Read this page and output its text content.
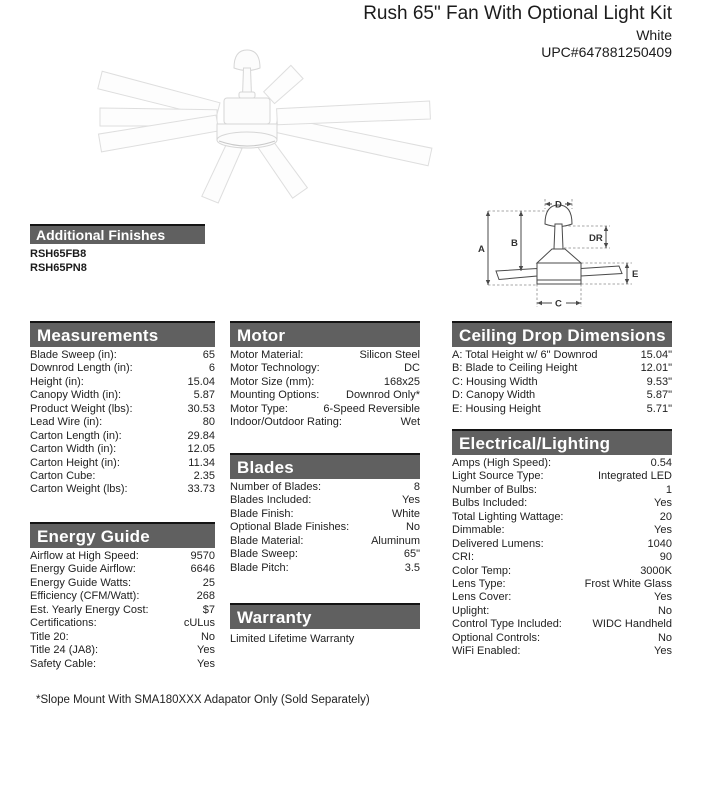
Rush 65" Fan With Optional Light Kit
White
UPC#647881250409
A
B
D
DR
E
C
Additional Finishes
RSH65FB8
RSH65PN8
Measurements
Blade Sweep (in):	65
Downrod Length (in):	6
Height (in):	15.04
Canopy Width (in):	5.87
Product Weight (lbs):	30.53
Lead Wire (in):	80
Carton Length (in):	29.84
Carton Width (in):	12.05
Carton Height (in):	11.34
Carton Cube:	2.35
Carton Weight (lbs):	33.73
Energy Guide
Airflow at High Speed:	9570
Energy Guide Airflow:	6646
Energy Guide Watts:	25
Efficiency (CFM/Watt):	268
Est. Yearly Energy Cost:	$7
Certifications:	cULus
Title 20:	No
Title 24 (JA8):	Yes
Safety Cable:	Yes
Motor
Motor Material:	Silicon Steel
Motor Technology:	DC
Motor Size (mm):	168x25
Mounting Options: Downrod Only*
Motor Type:	6-Speed Reversible
Indoor/Outdoor Rating:	Wet
Blades
Number of Blades:	8
Blades Included:	Yes
Blade Finish:	White
Optional Blade Finishes:	No
Blade Material:	Aluminum
Blade Sweep:	65"
Blade Pitch:	3.5
Warranty
Limited Lifetime Warranty
Ceiling Drop Dimensions
A: Total Height w/ 6" Downrod	15.04"
B: Blade to Ceiling Height	12.01"
C: Housing Width	9.53"
D: Canopy Width	5.87"
E: Housing Height	5.71"
Electrical/Lighting
Amps (High Speed):	0.54
Light Source Type:	Integrated LED
Number of Bulbs:	1
Bulbs Included:	Yes
Total Lighting Wattage:	20
Dimmable:	Yes
Delivered Lumens:	1040
CRI:	90
Color Temp:	3000K
Lens Type:	Frost White Glass
Lens Cover:	Yes
Uplight:	No
Control Type Included:	WIDC Handheld
Optional Controls:	No
WiFi Enabled:	Yes
*Slope Mount With SMA180XXX Adapator Only (Sold Separately)
